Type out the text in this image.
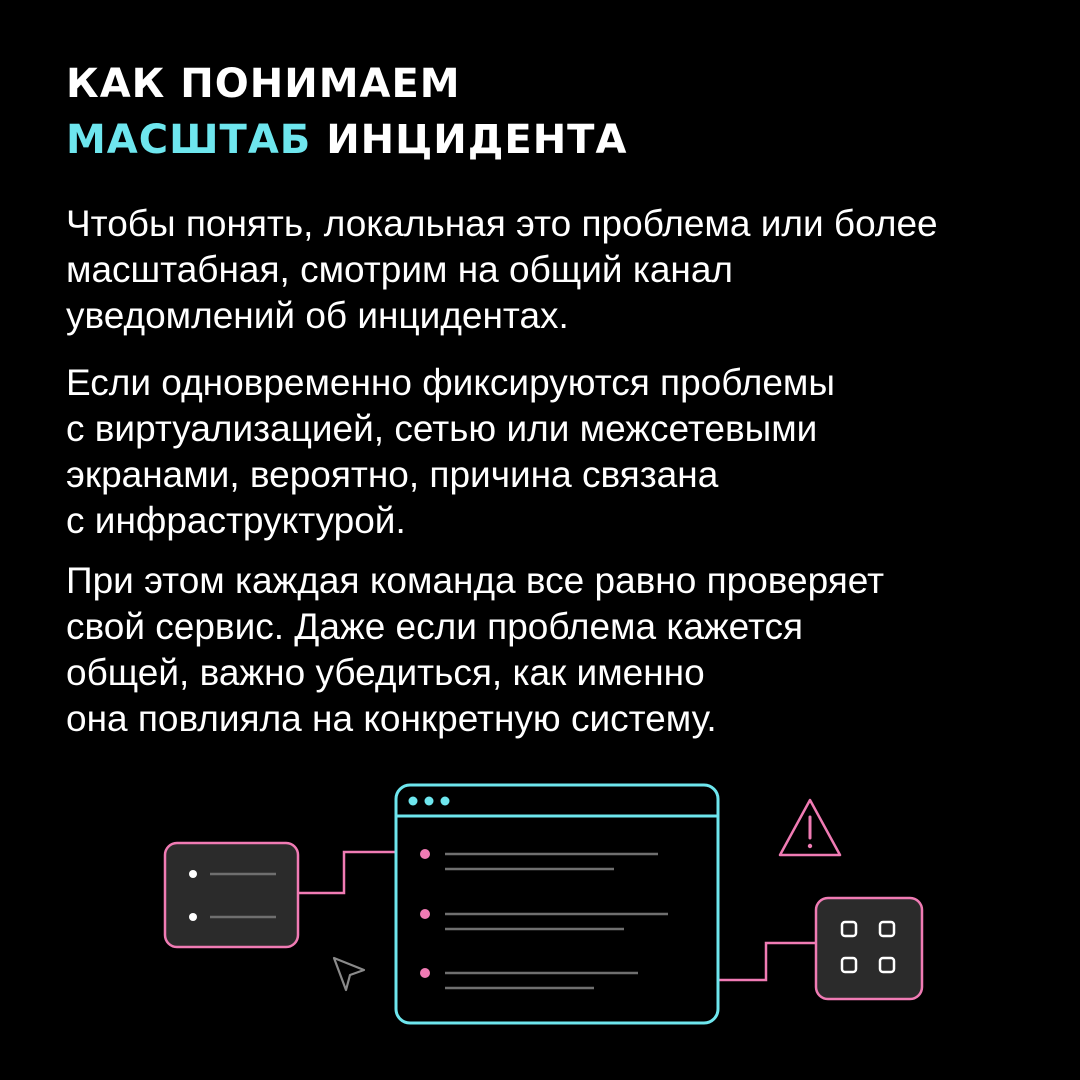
КАК ПОНИМАЕМ
МАСШТАБ ИНЦИДЕНТА

Чтобы понять, локальная это проблема или более
масштабная, смотрим на общий канал
уведомлений об инцидентах.

Если одновременно фиксируются проблемы
с виртуализацией, сетью или межсетевыми
экранами, вероятно, причина связана
с инфраструктурой.

При этом каждая команда все равно проверяет
свой сервис. Даже если проблема кажется
общей, важно убедиться, как именно
она повлияла на конкретную систему.
